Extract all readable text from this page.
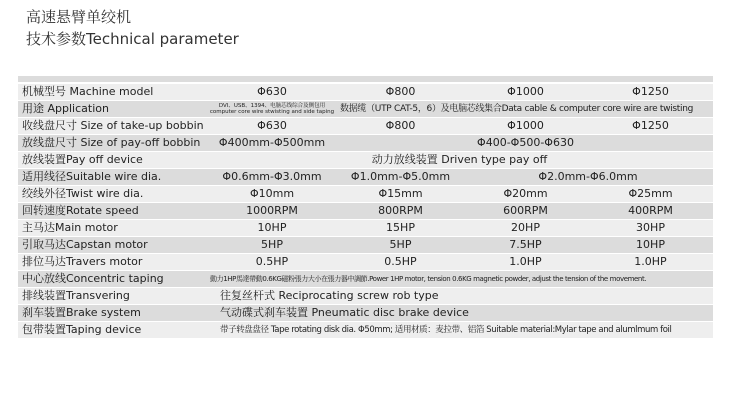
高速悬臂单绞机
技术参数Technical parameter

机械型号 Machine model	Φ630	Φ800	Φ1000	Φ1250
用途 Application	DVI、USB、1394、电脑芯线综合及侧包用 computer core wire stwisting and side taping	数据缆（UTP CAT-5，6）及电脑芯线集合Data cable & computer core wire are twisting		
收线盘尺寸 Size of take-up bobbin	Φ630	Φ800	Φ1000	Φ1250
放线盘尺寸 Size of pay-off bobbin	Φ400mm-Φ500mm	Φ400-Φ500-Φ630		
放线装置Pay off device	动力放线装置 Driven type pay off			
适用线径Suitable wire dia.	Φ0.6mm-Φ3.0mm	Φ1.0mm-Φ5.0mm	Φ2.0mm-Φ6.0mm	
绞线外径Twist wire dia.	Φ10mm	Φ15mm	Φ20mm	Φ25mm
回转速度Rotate speed	1000RPM	800RPM	600RPM	400RPM
主马达Main motor	10HP	15HP	20HP	30HP
引取马达Capstan motor	5HP	5HP	7.5HP	10HP
排位马达Travers motor	0.5HP	0.5HP	1.0HP	1.0HP
中心放线Concentric taping	動力1HP馬達帶動0.6KG磁粉張力大小在張力器中調節.Power 1HP motor, tension 0.6KG magnetic powder, adjust the tension of the movement.			
排线装置Transvering	往复丝杆式 Reciprocating screw rob type			
刹车装置Brake system	气动碟式刹车装置 Pneumatic disc brake device			
包带装置Taping device	带子转盘盘径 Tape rotating disk dia. Φ50mm; 适用材质：麦拉带、铝箔 Suitable material:Mylar tape and alumlmum foil			
